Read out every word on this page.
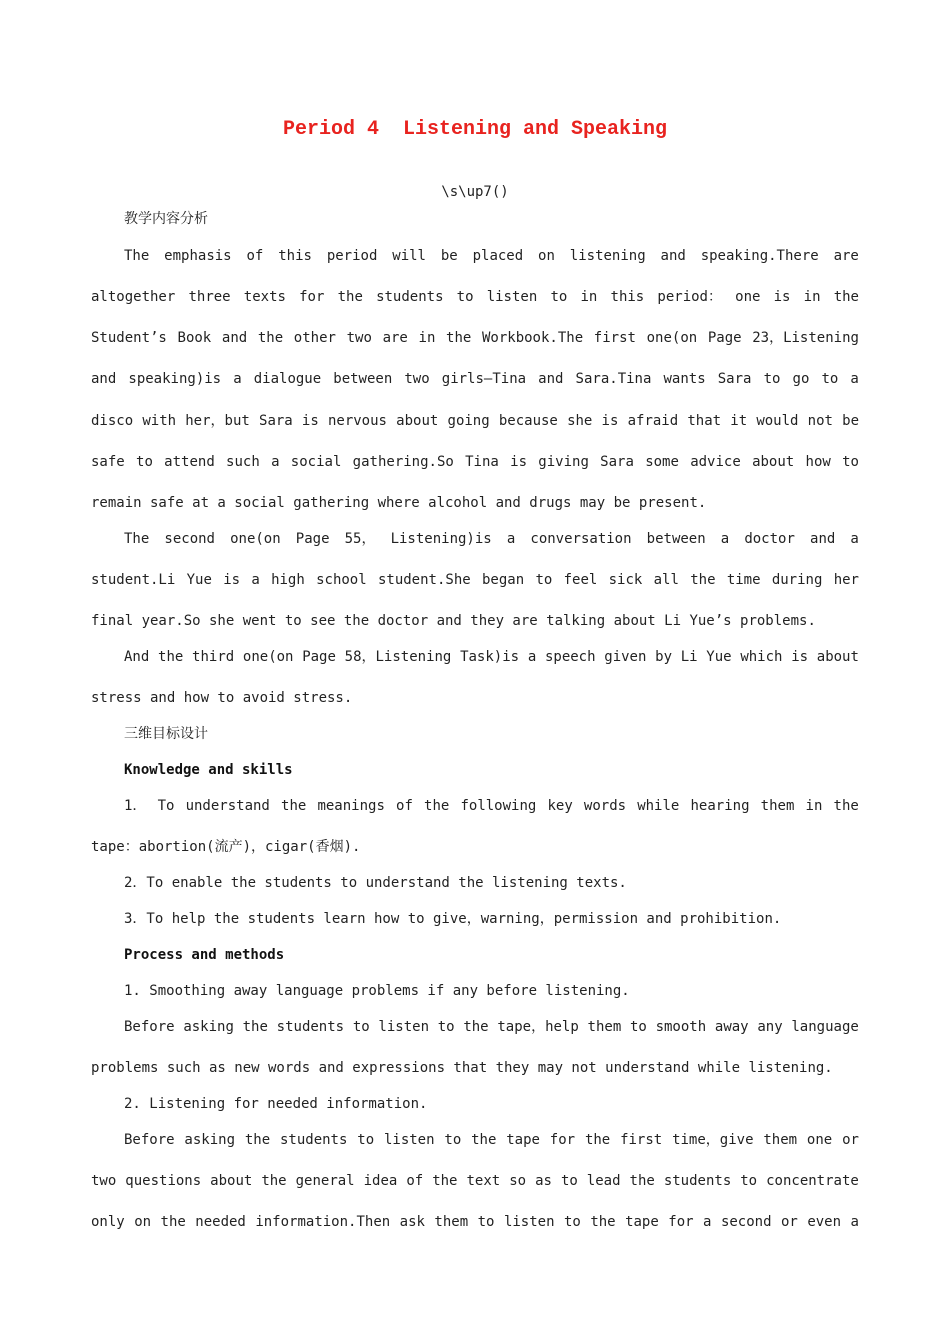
Period 4  Listening and Speaking
\s\up7()
教学内容分析
The emphasis of this period will be placed on listening and speaking.There are
altogether three texts for the students to listen to in this period： one is in the
Student’s Book and the other two are in the Workbook.The first one(on Page 23，Listening
and speaking)is a dialogue between two girls—Tina and Sara.Tina wants Sara to go to a
disco with her，but Sara is nervous about going because she is afraid that it would not be
safe to attend such a social gathering.So Tina is giving Sara some advice about how to
remain safe at a social gathering where alcohol and drugs may be present.
The second one(on Page 55， Listening)is a conversation between a doctor and a
student.Li Yue is a high school student.She began to feel sick all the time during her
final year.So she went to see the doctor and they are talking about Li Yue’s problems.
And the third one(on Page 58，Listening Task)is a speech given by Li Yue which is about
stress and how to avoid stress.
三维目标设计
Knowledge and skills
1． To understand the meanings of the following key words while hearing them in the
tape：abortion(流产)，cigar(香烟).
2．To enable the students to understand the listening texts.
3．To help the students learn how to give，warning，permission and prohibition.
Process and methods
1. Smoothing away language problems if any before listening.
Before asking the students to listen to the tape，help them to smooth away any language
problems such as new words and expressions that they may not understand while listening.
2. Listening for needed information.
Before asking the students to listen to the tape for the first time，give them one or
two questions about the general idea of the text so as to lead the students to concentrate
only on the needed information.Then ask them to listen to the tape for a second or even a
